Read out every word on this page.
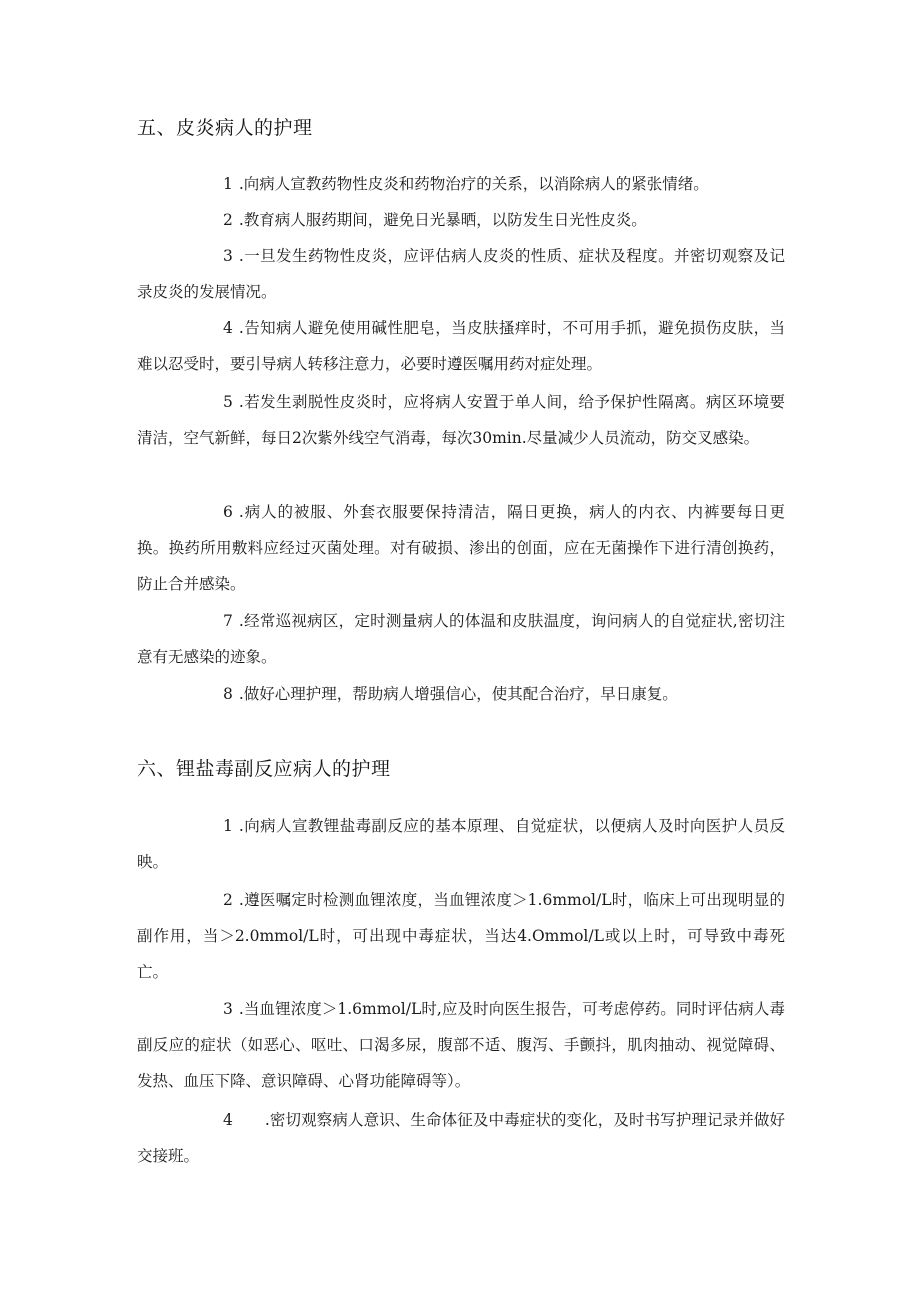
五、皮炎病人的护理

1 .向病人宣教药物性皮炎和药物治疗的关系，以消除病人的紧张情绪。

2 .教育病人服药期间，避免日光暴晒，以防发生日光性皮炎。

3 .一旦发生药物性皮炎，应评估病人皮炎的性质、症状及程度。并密切观察及记录皮炎的发展情况。

4 .告知病人避免使用碱性肥皂，当皮肤搔痒时，不可用手抓，避免损伤皮肤，当难以忍受时，要引导病人转移注意力，必要时遵医嘱用药对症处理。

5 .若发生剥脱性皮炎时，应将病人安置于单人间，给予保护性隔离。病区环境要清洁，空气新鲜，每日2次紫外线空气消毒，每次30min.尽量减少人员流动，防交叉感染。

6 .病人的被服、外套衣服要保持清洁，隔日更换，病人的内衣、内裤要每日更换。换药所用敷料应经过灭菌处理。对有破损、渗出的创面，应在无菌操作下进行清创换药，防止合并感染。

7 .经常巡视病区，定时测量病人的体温和皮肤温度，询问病人的自觉症状,密切注意有无感染的迹象。

8 .做好心理护理，帮助病人增强信心，使其配合治疗，早日康复。

六、锂盐毒副反应病人的护理

1 .向病人宣教锂盐毒副反应的基本原理、自觉症状，以便病人及时向医护人员反映。

2 .遵医嘱定时检测血锂浓度，当血锂浓度＞1.6mmol/L时，临床上可出现明显的副作用，当＞2.0mmol/L时，可出现中毒症状，当达4.Ommol/L或以上时，可导致中毒死亡。

3 .当血锂浓度＞1.6mmol/L时,应及时向医生报告，可考虑停药。同时评估病人毒副反应的症状（如恶心、呕吐、口渴多尿，腹部不适、腹泻、手颤抖，肌肉抽动、视觉障碍、发热、血压下降、意识障碍、心肾功能障碍等）。

4 .密切观察病人意识、生命体征及中毒症状的变化，及时书写护理记录并做好交接班。
